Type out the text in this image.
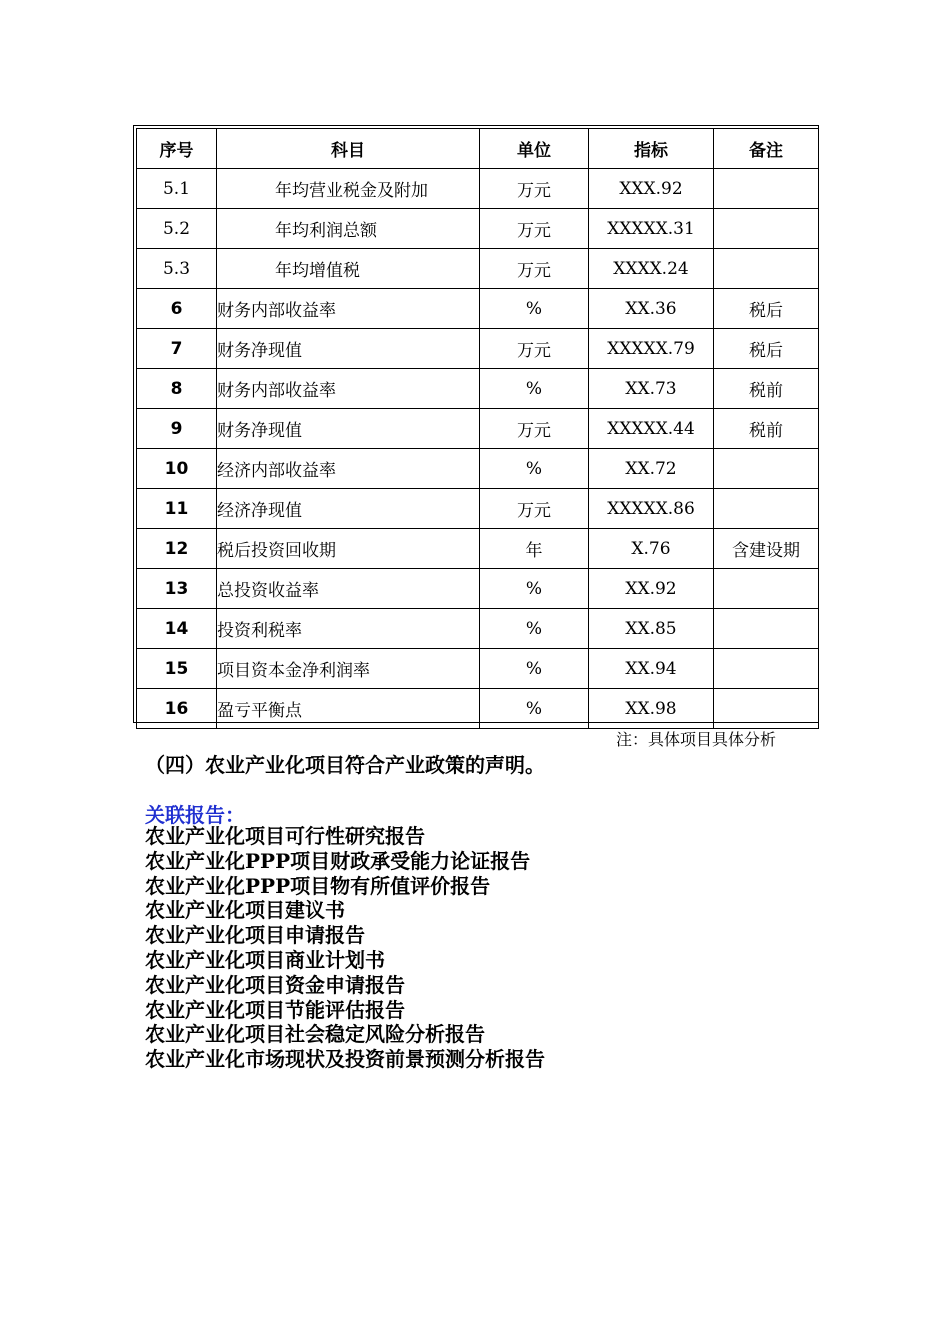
序号	科目	单位	指标	备注
5.1	年均营业税金及附加	万元	XXX.92	
5.2	年均利润总额	万元	XXXXX.31	
5.3	年均增值税	万元	XXXX.24	
6	财务内部收益率	%	XX.36	税后
7	财务净现值	万元	XXXXX.79	税后
8	财务内部收益率	%	XX.73	税前
9	财务净现值	万元	XXXXX.44	税前
10	经济内部收益率	%	XX.72	
11	经济净现值	万元	XXXXX.86	
12	税后投资回收期	年	X.76	含建设期
13	总投资收益率	%	XX.92	
14	投资利税率	%	XX.85	
15	项目资本金净利润率	%	XX.94	
16	盈亏平衡点	%	XX.98	
注：具体项目具体分析
（四）农业产业化项目符合产业政策的声明。
关联报告：
农业产业化项目可行性研究报告
农业产业化PPP项目财政承受能力论证报告
农业产业化PPP项目物有所值评价报告
农业产业化项目建议书
农业产业化项目申请报告
农业产业化项目商业计划书
农业产业化项目资金申请报告
农业产业化项目节能评估报告
农业产业化项目社会稳定风险分析报告
农业产业化市场现状及投资前景预测分析报告
